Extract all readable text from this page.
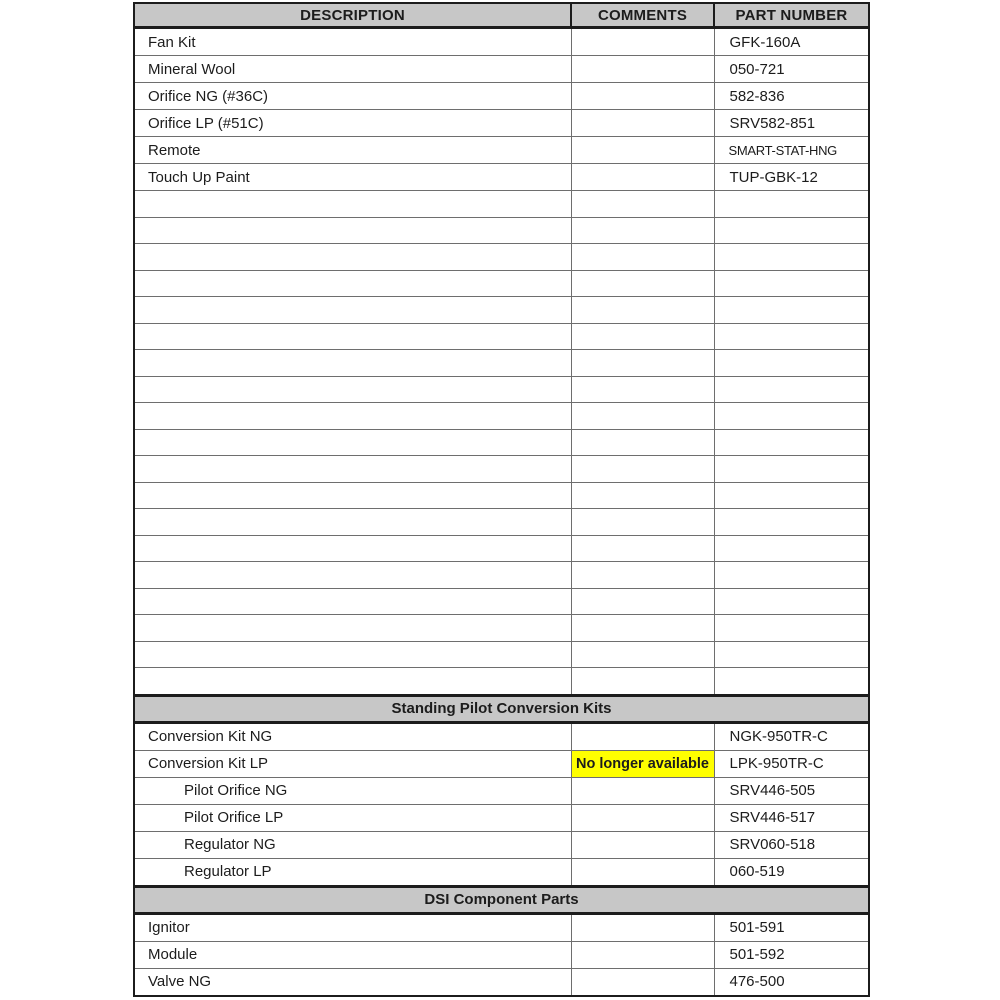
DESCRIPTION	COMMENTS	PART NUMBER
Fan Kit		GFK-160A
Mineral Wool		050-721
Orifice NG (#36C)		582-836
Orifice LP (#51C)		SRV582-851
Remote		SMART-STAT-HNG
Touch Up Paint		TUP-GBK-12

Standing Pilot Conversion Kits		
Conversion Kit NG		NGK-950TR-C
Conversion Kit LP	No longer available	LPK-950TR-C
Pilot Orifice NG		SRV446-505
Pilot Orifice LP		SRV446-517
Regulator NG		SRV060-518
Regulator LP		060-519
DSI Component Parts		
Ignitor		501-591
Module		501-592
Valve NG		476-500
